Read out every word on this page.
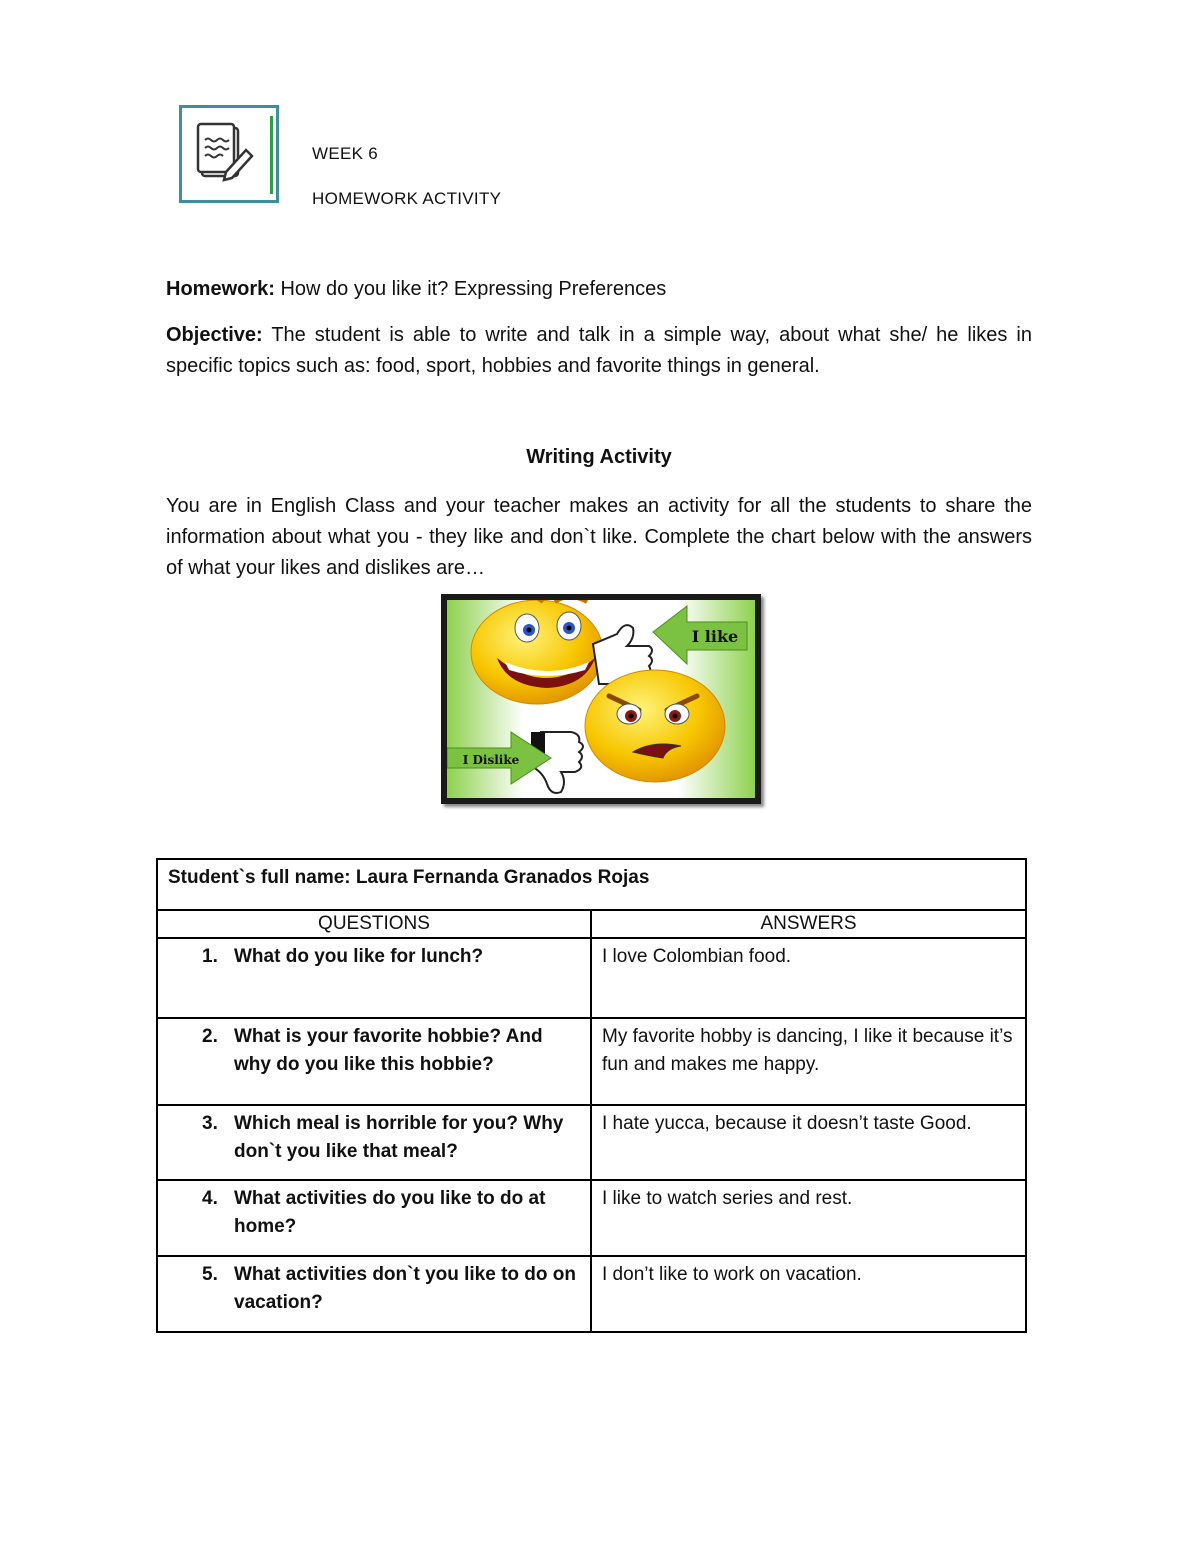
WEEK 6
HOMEWORK ACTIVITY
Homework: How do you like it? Expressing Preferences
Objective: The student is able to write and talk in a simple way, about what she/ he likes in specific topics such as: food, sport, hobbies and favorite things in general.
Writing Activity
You are in English Class and your teacher makes an activity for all the students to share the information about what you - they like and don`t like. Complete the chart below with the answers of what your likes and dislikes are…
I like
I Dislike
Student`s full name: Laura Fernanda Granados Rojas	
QUESTIONS	ANSWERS

1. What do you like for lunch?	I love Colombian food.

2. What is your favorite hobbie? And why do you like this hobbie?	My favorite hobby is dancing, I like it because it’s fun and makes me happy.

3. Which meal is horrible for you? Why don`t you like that meal?	I hate yucca, because it doesn’t taste Good.

4. What activities do you like to do at home?	I like to watch series and rest.

5. What activities don`t you like to do on vacation?	I don’t like to work on vacation.
